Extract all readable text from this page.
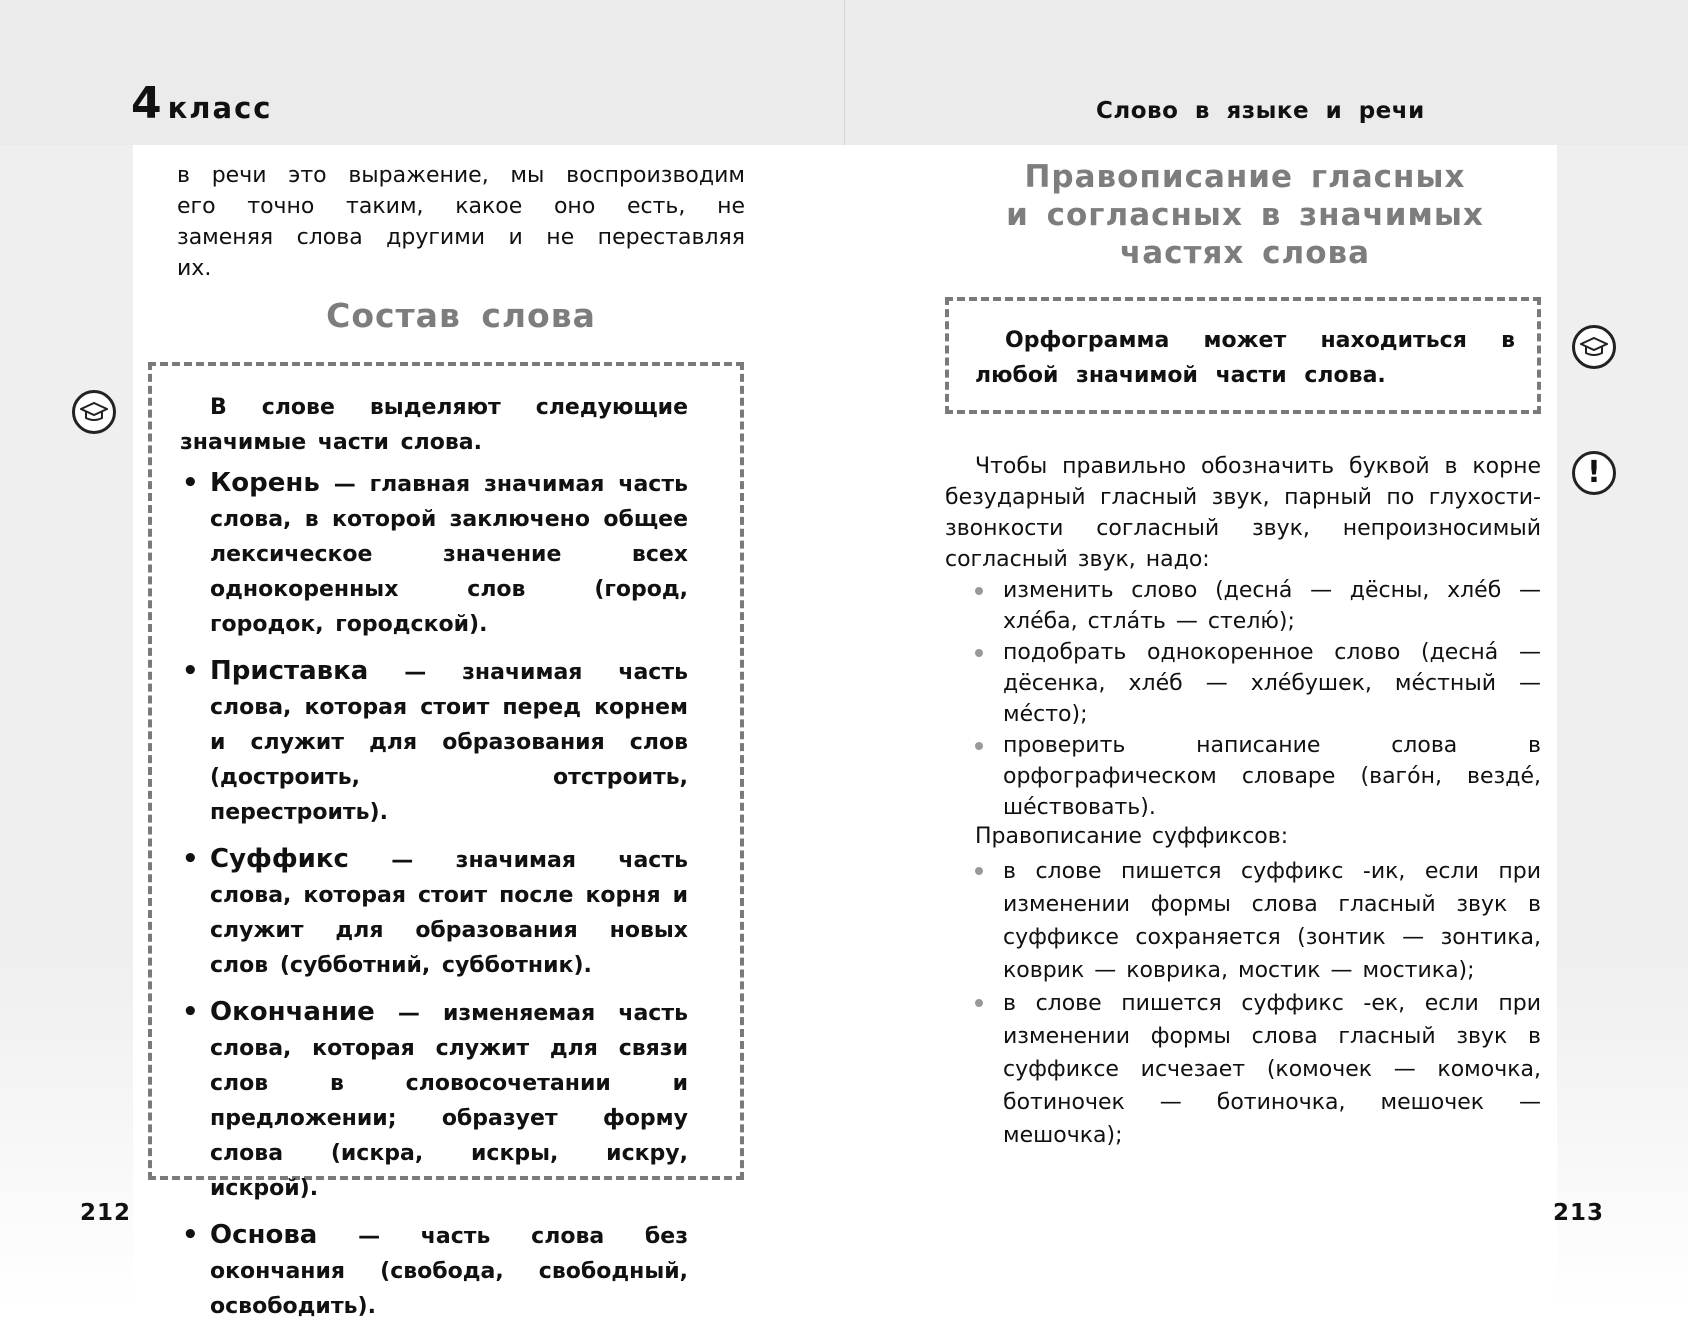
4 класс	Слово в языке и речи

в речи это выражение, мы воспроизводим его точно таким, какое оно есть, не заменяя слова другими и не переставляя их.

Состав слова

В слове выделяют следующие значимые части слова.

• Корень — главная значимая часть слова, в которой заключено общее лексическое значение всех однокоренных слов (город, городок, городской).
• Приставка — значимая часть слова, которая стоит перед корнем и служит для образования слов (достроить, отстроить, перестроить).
• Суффикс — значимая часть слова, которая стоит после корня и служит для образования новых слов (субботний, субботник).
• Окончание — изменяемая часть слова, которая служит для связи слов в словосочетании и предложении; образует форму слова (искра, искры, искру, искрой).
• Основа — часть слова без окончания (свобода, свободный, освободить).
212
Правописание гласных
и согласных в значимых
частях слова
!

Орфограмма может находиться в любой значимой части слова.

Чтобы правильно обозначить буквой в корне безударный гласный звук, парный по глухости-звонкости согласный звук, непроизносимый согласный звук, надо:

изменить слово (десна́ — дёсны, хле́б — хле́ба, стла́ть — стелю́);
подобрать однокоренное слово (десна́ — дёсенка, хле́б — хле́бушек, ме́стный — ме́сто);
проверить написание слова в орфографическом словаре (ваго́н, везде́, ше́ствовать).

Правописание суффиксов:

в слове пишется суффикс -ик, если при изменении формы слова гласный звук в суффиксе сохраняется (зонтик — зонтика, коврик — коврика, мостик — мостика);
в слове пишется суффикс -ек, если при изменении формы слова гласный звук в суффиксе исчезает (комочек — комочка, ботиночек — ботиночка, мешочек — мешочка);
213
